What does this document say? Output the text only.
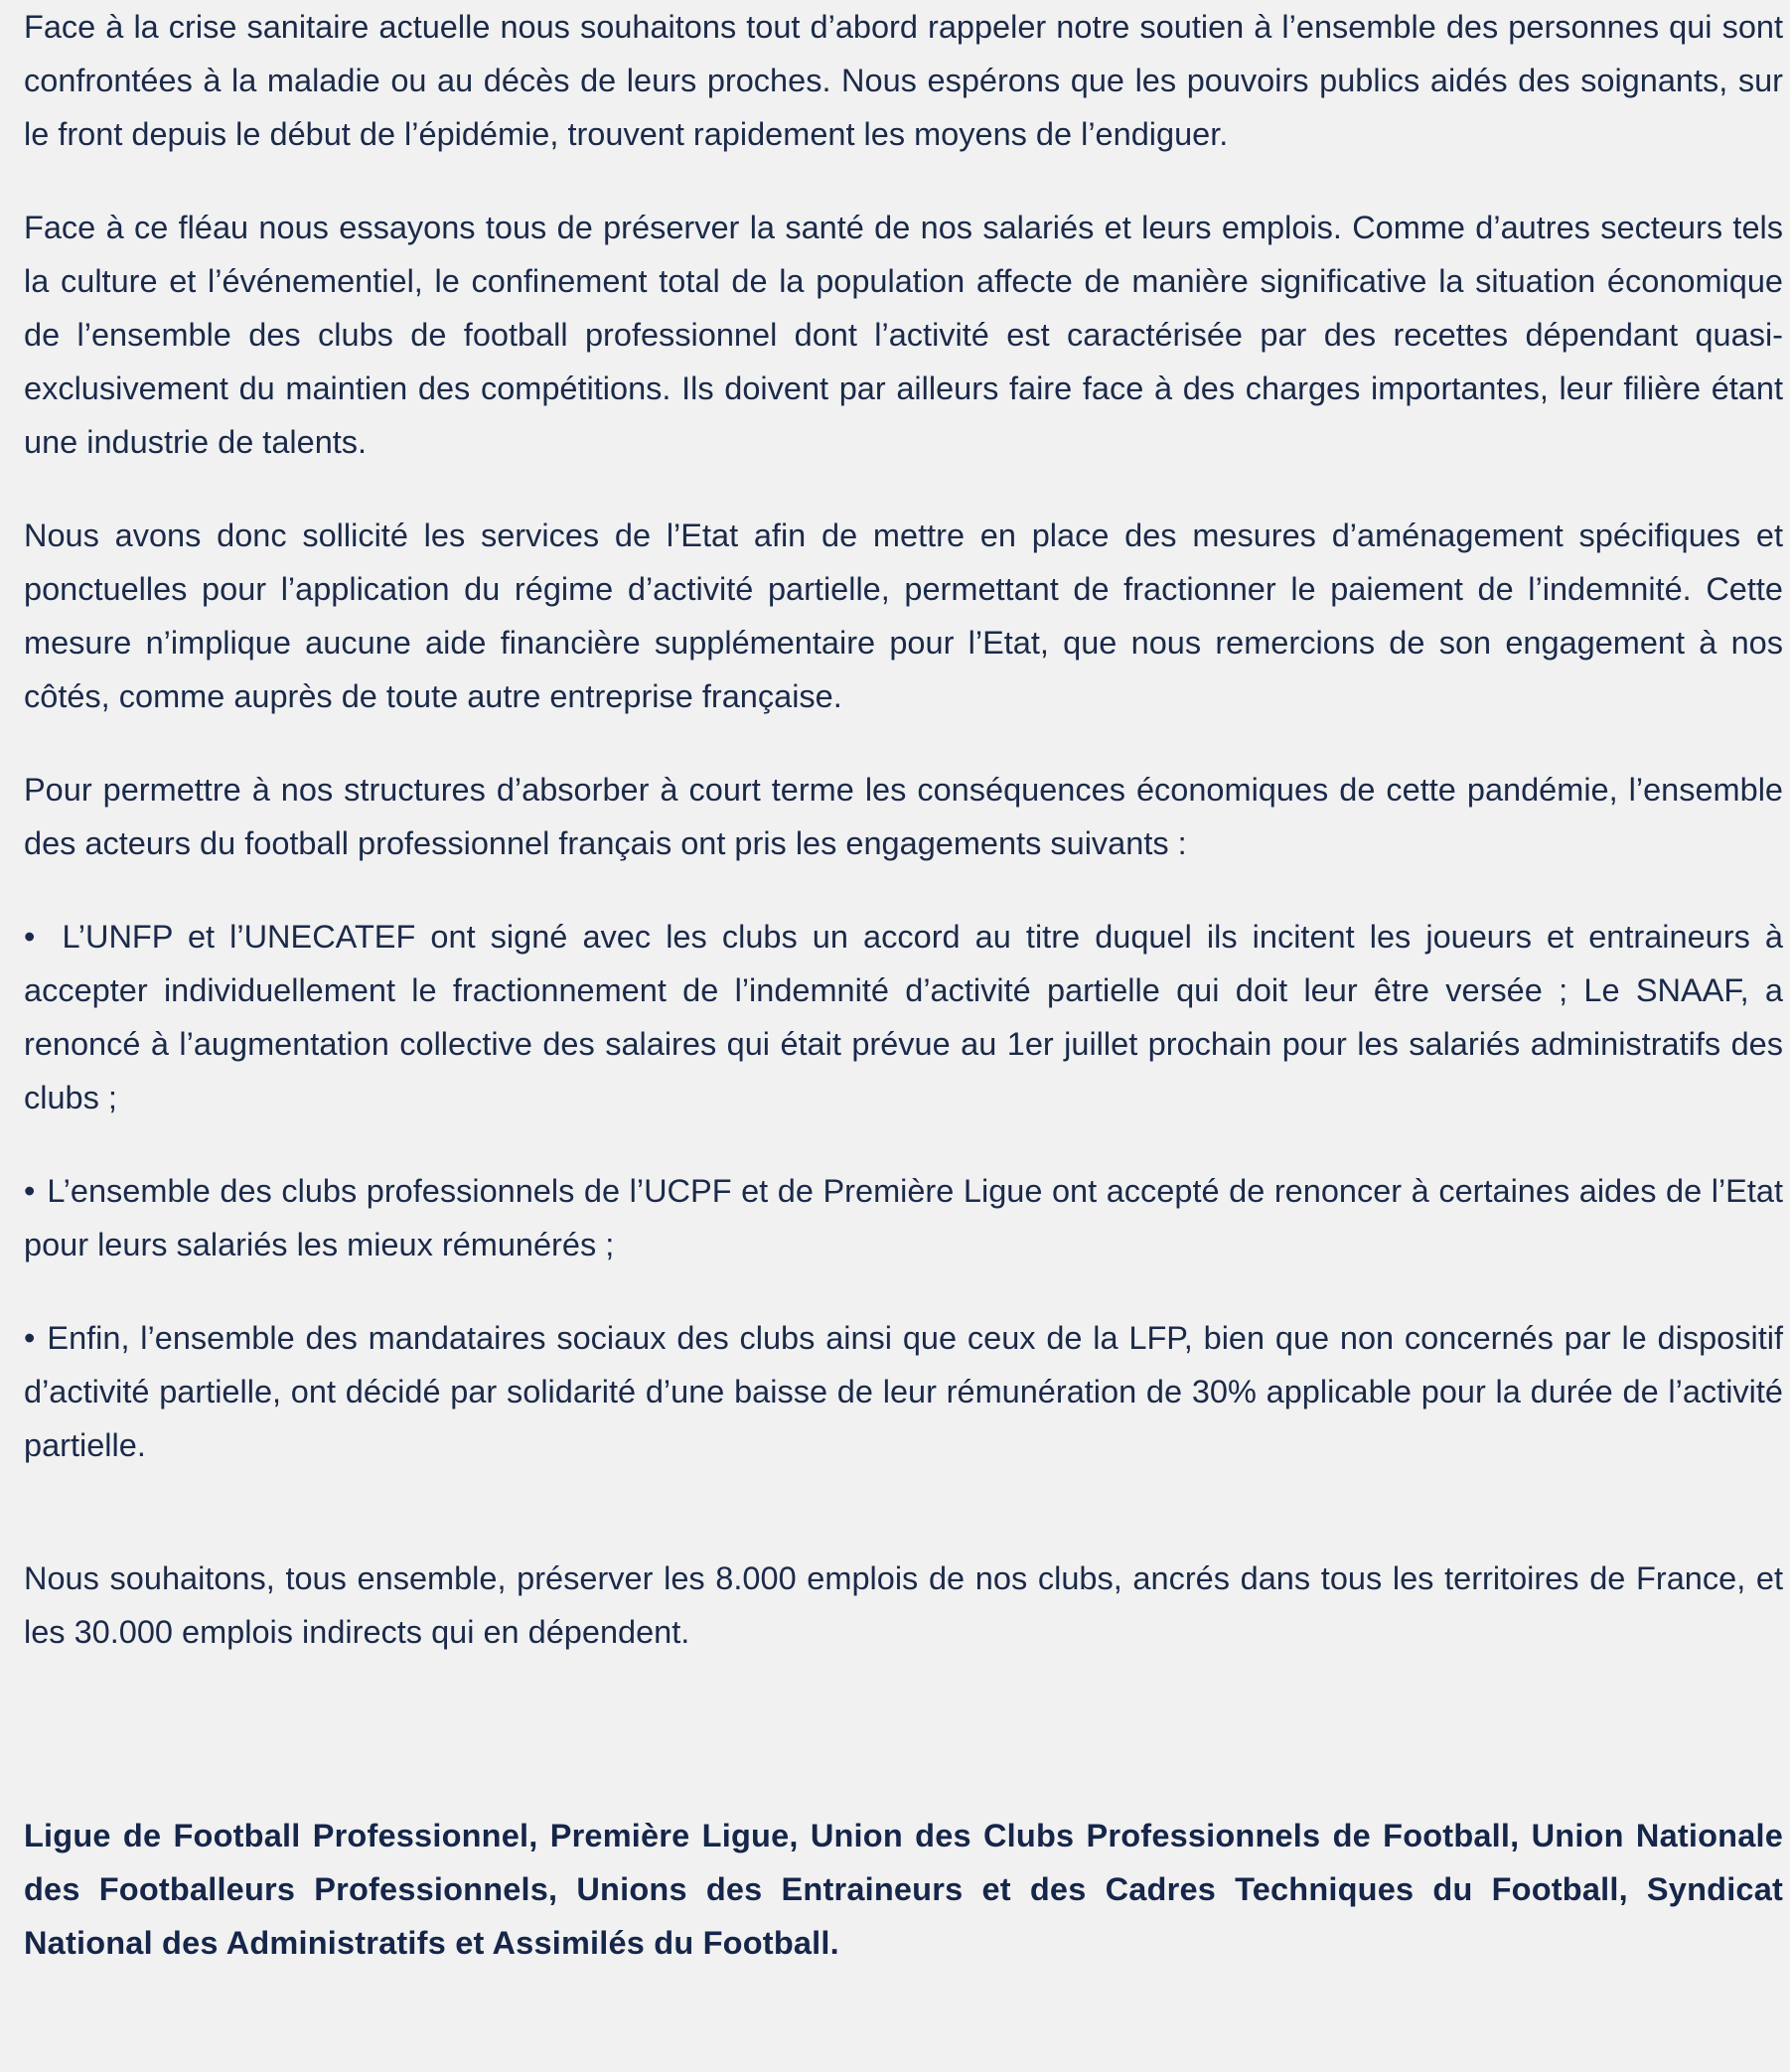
Face à la crise sanitaire actuelle nous souhaitons tout d’abord rappeler notre soutien à l’ensemble des personnes qui sont confrontées à la maladie ou au décès de leurs proches. Nous espérons que les pouvoirs publics aidés des soignants, sur le front depuis le début de l’épidémie, trouvent rapidement les moyens de l’endiguer.

Face à ce fléau nous essayons tous de préserver la santé de nos salariés et leurs emplois. Comme d’autres secteurs tels la culture et l’événementiel, le confinement total de la population affecte de manière significative la situation économique de l’ensemble des clubs de football professionnel dont l’activité est caractérisée par des recettes dépendant quasi-exclusivement du maintien des compétitions. Ils doivent par ailleurs faire face à des charges importantes, leur filière étant une industrie de talents.

Nous avons donc sollicité les services de l’Etat afin de mettre en place des mesures d’aménagement spécifiques et ponctuelles pour l’application du régime d’activité partielle, permettant de fractionner le paiement de l’indemnité. Cette mesure n’implique aucune aide financière supplémentaire pour l’Etat, que nous remercions de son engagement à nos côtés, comme auprès de toute autre entreprise française.

Pour permettre à nos structures d’absorber à court terme les conséquences économiques de cette pandémie, l’ensemble des acteurs du football professionnel français ont pris les engagements suivants :

• L’UNFP et l’UNECATEF ont signé avec les clubs un accord au titre duquel ils incitent les joueurs et entraineurs à accepter individuellement le fractionnement de l’indemnité d’activité partielle qui doit leur être versée ; Le SNAAF, a renoncé à l’augmentation collective des salaires qui était prévue au 1er juillet prochain pour les salariés administratifs des clubs ;

• L’ensemble des clubs professionnels de l’UCPF et de Première Ligue ont accepté de renoncer à certaines aides de l’Etat pour leurs salariés les mieux rémunérés ;

• Enfin, l’ensemble des mandataires sociaux des clubs ainsi que ceux de la LFP, bien que non concernés par le dispositif d’activité partielle, ont décidé par solidarité d’une baisse de leur rémunération de 30% applicable pour la durée de l’activité partielle.

Nous souhaitons, tous ensemble, préserver les 8.000 emplois de nos clubs, ancrés dans tous les territoires de France, et les 30.000 emplois indirects qui en dépendent.

Ligue de Football Professionnel, Première Ligue, Union des Clubs Professionnels de Football, Union Nationale des Footballeurs Professionnels, Unions des Entraineurs et des Cadres Techniques du Football, Syndicat National des Administratifs et Assimilés du Football.
